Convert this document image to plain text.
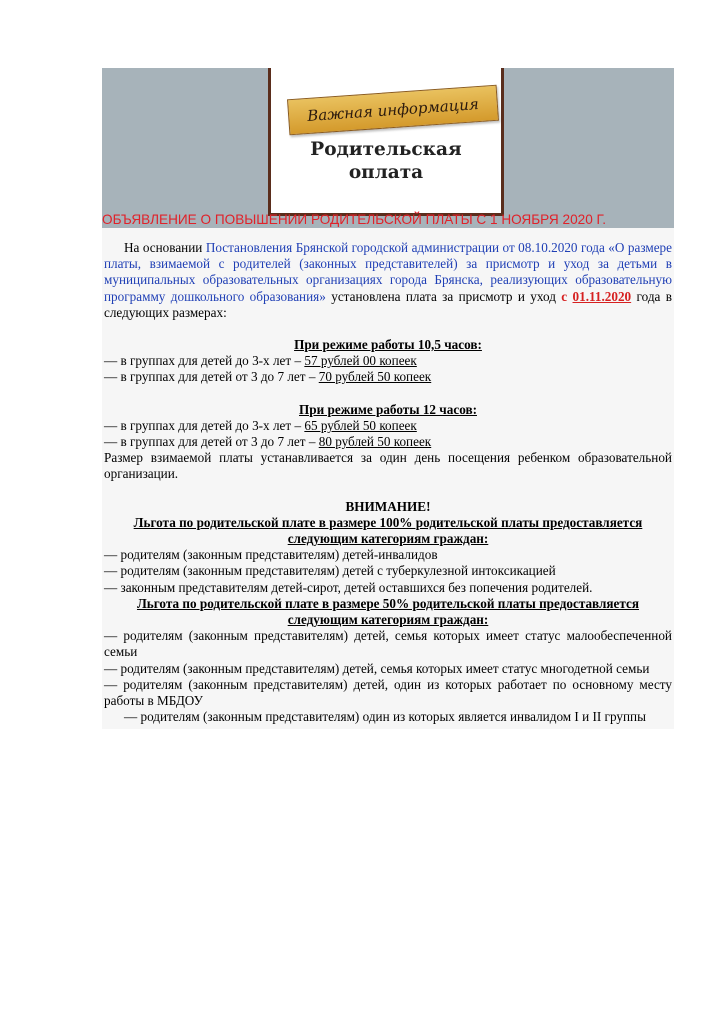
Важная информация
Родительская
оплата
ОБЪЯВЛЕНИЕ О ПОВЫШЕНИИ РОДИТЕЛЬСКОЙ ПЛАТЫ С 1 НОЯБРЯ 2020 Г.

На основании Постановления Брянской городской администрации от 08.10.2020 года «О размере платы, взимаемой с родителей (законных представителей) за присмотр и уход за детьми в муниципальных образовательных организациях города Брянска, реализующих образовательную программу дошкольного образования» установлена плата за присмотр и уход с 01.11.2020 года в следующих размерах:

При режиме работы 10,5 часов:

— в группах для детей до 3-х лет – 57 рублей 00 копеек

— в группах для детей от 3 до 7 лет – 70 рублей 50 копеек

При режиме работы 12 часов:

— в группах для детей до 3-х лет – 65 рублей 50 копеек

— в группах для детей от 3 до 7 лет – 80 рублей 50 копеек

Размер взимаемой платы устанавливается за один день посещения ребенком образовательной организации.

ВНИМАНИЕ!

Льгота по родительской плате в размере 100% родительской платы предоставляется следующим категориям граждан:

— родителям (законным представителям) детей-инвалидов

— родителям (законным представителям) детей с туберкулезной интоксикацией

— законным представителям детей-сирот, детей оставшихся без попечения родителей.

Льгота по родительской плате в размере 50% родительской платы предоставляется следующим категориям граждан:

— родителям (законным представителям) детей, семья которых имеет статус малообеспеченной семьи

— родителям (законным представителям) детей, семья которых имеет статус многодетной семьи

— родителям (законным представителям) детей, один из которых работает по основному месту работы в МБДОУ

— родителям (законным представителям) один из которых является инвалидом I и II группы
